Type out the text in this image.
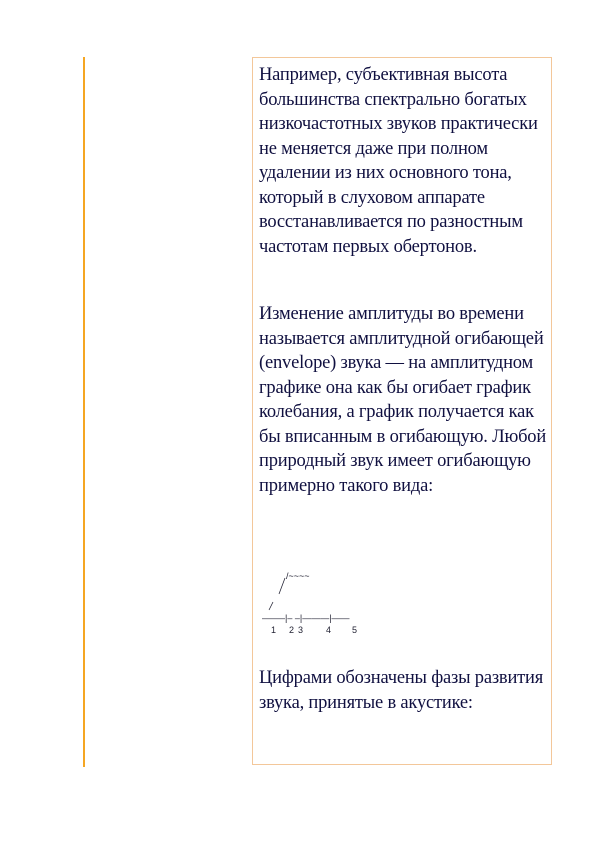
Например, субъективная высота большинства спектрально богатых низкочастотных звуков практически не меняется даже при полном удалении из них основного тона, который в слуховом аппарате восстанавливается по разностным частотам первых обертонов.

Изменение амплитуды во времени называется амплитудной огибающей (envelope) звука — на амплитудном графике она как бы огибает график колебания, а график получается как бы вписанным в огибающую. Любой природный звук имеет огибающую примерно такого вида:

/~~~~
——–|– –|———|——
1 2 3	4 5

Цифрами обозначены фазы развития звука, принятые в акустике:
